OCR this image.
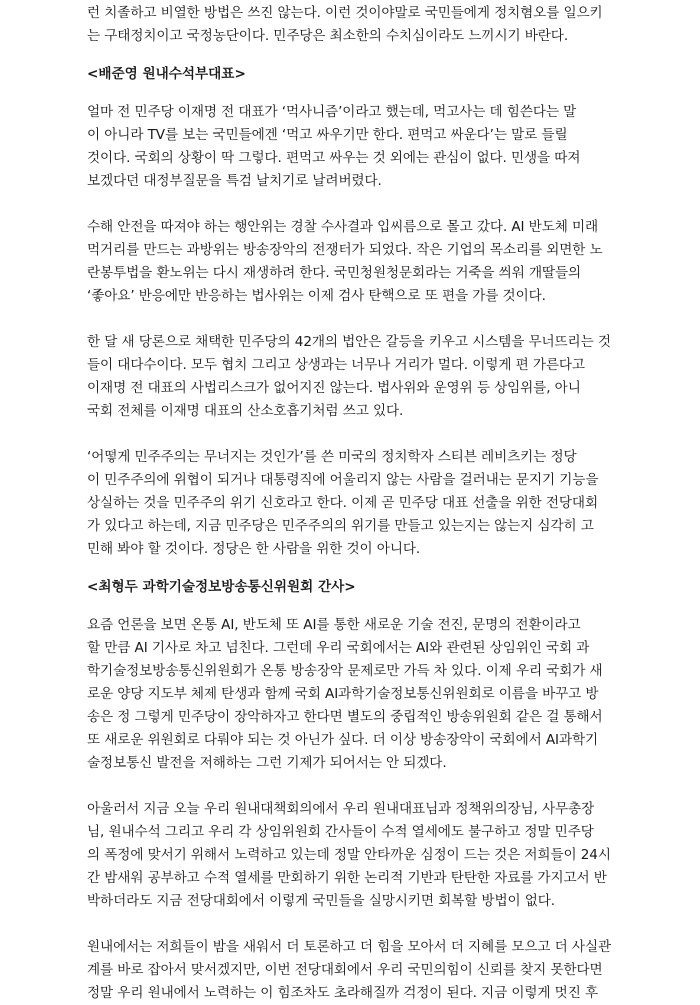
런 치졸하고 비열한 방법은 쓰진 않는다. 이런 것이야말로 국민들에게 정치혐오를 일으키
는 구태정치이고 국정농단이다. 민주당은 최소한의 수치심이라도 느끼시기 바란다.
<배준영 원내수석부대표>
얼마 전 민주당 이재명 전 대표가 ‘먹사니즘’이라고 했는데, 먹고사는 데 힘쓴다는 말
이 아니라 TV를 보는 국민들에겐 ‘먹고 싸우기만 한다. 편먹고 싸운다’는 말로 들릴
것이다. 국회의 상황이 딱 그렇다. 편먹고 싸우는 것 외에는 관심이 없다. 민생을 따져
보겠다던 대정부질문을 특검 날치기로 날려버렸다.
수해 안전을 따져야 하는 행안위는 경찰 수사결과 입씨름으로 몰고 갔다. AI 반도체 미래
먹거리를 만드는 과방위는 방송장악의 전쟁터가 되었다. 작은 기업의 목소리를 외면한 노
란봉투법을 환노위는 다시 재생하려 한다. 국민청원청문회라는 거죽을 씌워 개딸들의
‘좋아요’ 반응에만 반응하는 법사위는 이제 검사 탄핵으로 또 편을 가를 것이다.
한 달 새 당론으로 채택한 민주당의 42개의 법안은 갈등을 키우고 시스템을 무너뜨리는 것
들이 대다수이다. 모두 협치 그리고 상생과는 너무나 거리가 멀다. 이렇게 편 가른다고
이재명 전 대표의 사법리스크가 없어지진 않는다. 법사위와 운영위 등 상임위를, 아니
국회 전체를 이재명 대표의 산소호흡기처럼 쓰고 있다.
‘어떻게 민주주의는 무너지는 것인가’를 쓴 미국의 정치학자 스티븐 레비츠키는 정당
이 민주주의에 위협이 되거나 대통령직에 어울리지 않는 사람을 걸러내는 문지기 기능을
상실하는 것을 민주주의 위기 신호라고 한다. 이제 곧 민주당 대표 선출을 위한 전당대회
가 있다고 하는데, 지금 민주당은 민주주의의 위기를 만들고 있는지는 않는지 심각히 고
민해 봐야 할 것이다. 정당은 한 사람을 위한 것이 아니다.
<최형두 과학기술정보방송통신위원회 간사>
요즘 언론을 보면 온통 AI, 반도체 또 AI를 통한 새로운 기술 전진, 문명의 전환이라고
할 만큼 AI 기사로 차고 넘친다. 그런데 우리 국회에서는 AI와 관련된 상임위인 국회 과
학기술정보방송통신위원회가 온통 방송장악 문제로만 가득 차 있다. 이제 우리 국회가 새
로운 양당 지도부 체제 탄생과 함께 국회 AI과학기술정보통신위원회로 이름을 바꾸고 방
송은 정 그렇게 민주당이 장악하자고 한다면 별도의 중립적인 방송위원회 같은 걸 통해서
또 새로운 위원회로 다뤄야 되는 것 아닌가 싶다. 더 이상 방송장악이 국회에서 AI과학기
술정보통신 발전을 저해하는 그런 기제가 되어서는 안 되겠다.
아울러서 지금 오늘 우리 원내대책회의에서 우리 원내대표님과 정책위의장님, 사무총장
님, 원내수석 그리고 우리 각 상임위원회 간사들이 수적 열세에도 불구하고 정말 민주당
의 폭정에 맞서기 위해서 노력하고 있는데 정말 안타까운 심정이 드는 것은 저희들이 24시
간 밤새워 공부하고 수적 열세를 만회하기 위한 논리적 기반과 탄탄한 자료를 가지고서 반
박하더라도 지금 전당대회에서 이렇게 국민들을 실망시키면 회복할 방법이 없다.
원내에서는 저희들이 밤을 새워서 더 토론하고 더 힘을 모아서 더 지혜를 모으고 더 사실관
계를 바로 잡아서 맞서겠지만, 이번 전당대회에서 우리 국민의힘이 신뢰를 찾지 못한다면
정말 우리 원내에서 노력하는 이 힘조차도 초라해질까 걱정이 된다. 지금 이렇게 멋진 후
